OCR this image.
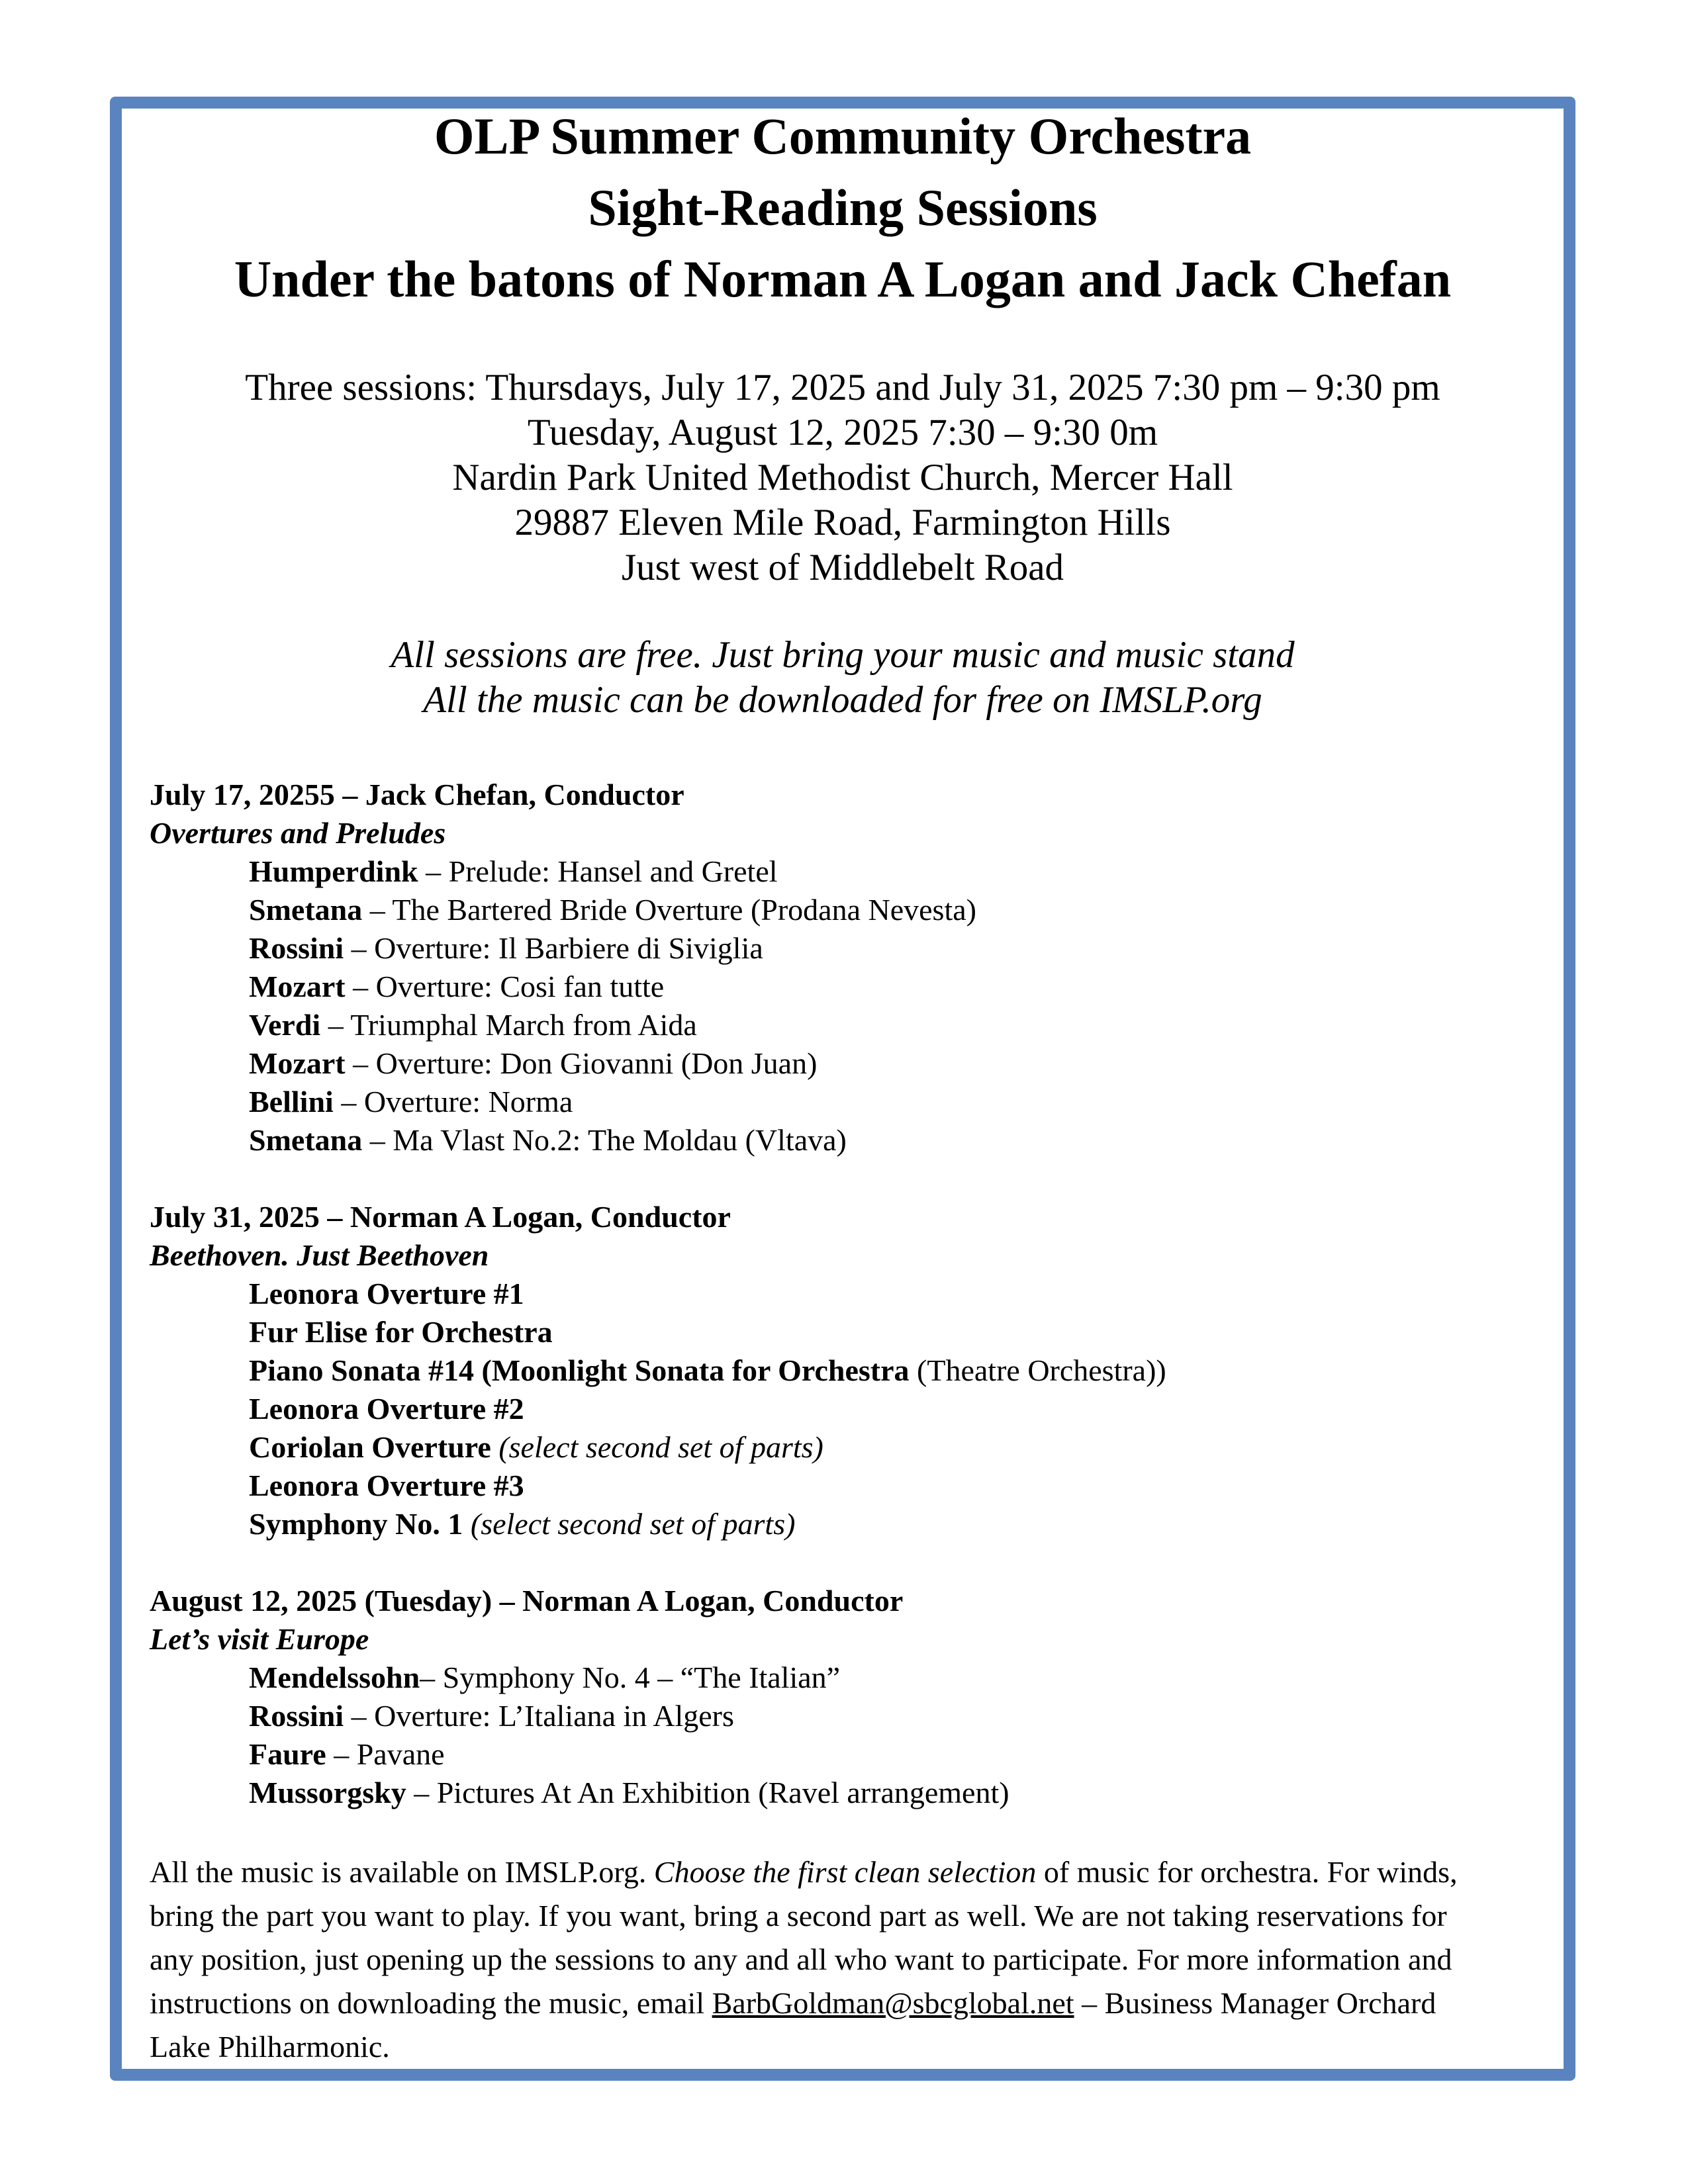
OLP Summer Community Orchestra
Sight-Reading Sessions
Under the batons of Norman A Logan and Jack Chefan
Three sessions: Thursdays, July 17, 2025 and July 31, 2025 7:30 pm – 9:30 pm
Tuesday, August 12, 2025 7:30 – 9:30 0m
Nardin Park United Methodist Church, Mercer Hall
29887 Eleven Mile Road, Farmington Hills
Just west of Middlebelt Road
All sessions are free. Just bring your music and music stand
All the music can be downloaded for free on IMSLP.org
July 17, 20255 – Jack Chefan, Conductor
Overtures and Preludes
Humperdink – Prelude: Hansel and Gretel
Smetana – The Bartered Bride Overture (Prodana Nevesta)
Rossini – Overture: Il Barbiere di Siviglia
Mozart – Overture: Cosi fan tutte
Verdi – Triumphal March from Aida
Mozart – Overture: Don Giovanni (Don Juan)
Bellini – Overture: Norma
Smetana – Ma Vlast No.2: The Moldau (Vltava)
July 31, 2025 – Norman A Logan, Conductor
Beethoven. Just Beethoven
Leonora Overture #1
Fur Elise for Orchestra
Piano Sonata #14 (Moonlight Sonata for Orchestra (Theatre Orchestra))
Leonora Overture #2
Coriolan Overture (select second set of parts)
Leonora Overture #3
Symphony No. 1 (select second set of parts)
August 12, 2025 (Tuesday) – Norman A Logan, Conductor
Let’s visit Europe
Mendelssohn– Symphony No. 4 – “The Italian”
Rossini – Overture: L’Italiana in Algers
Faure – Pavane
Mussorgsky – Pictures At An Exhibition (Ravel arrangement)
All the music is available on IMSLP.org. Choose the first clean selection of music for orchestra. For winds, bring the part you want to play. If you want, bring a second part as well. We are not taking reservations for any position, just opening up the sessions to any and all who want to participate. For more information and instructions on downloading the music, email BarbGoldman@sbcglobal.net – Business Manager Orchard Lake Philharmonic.
